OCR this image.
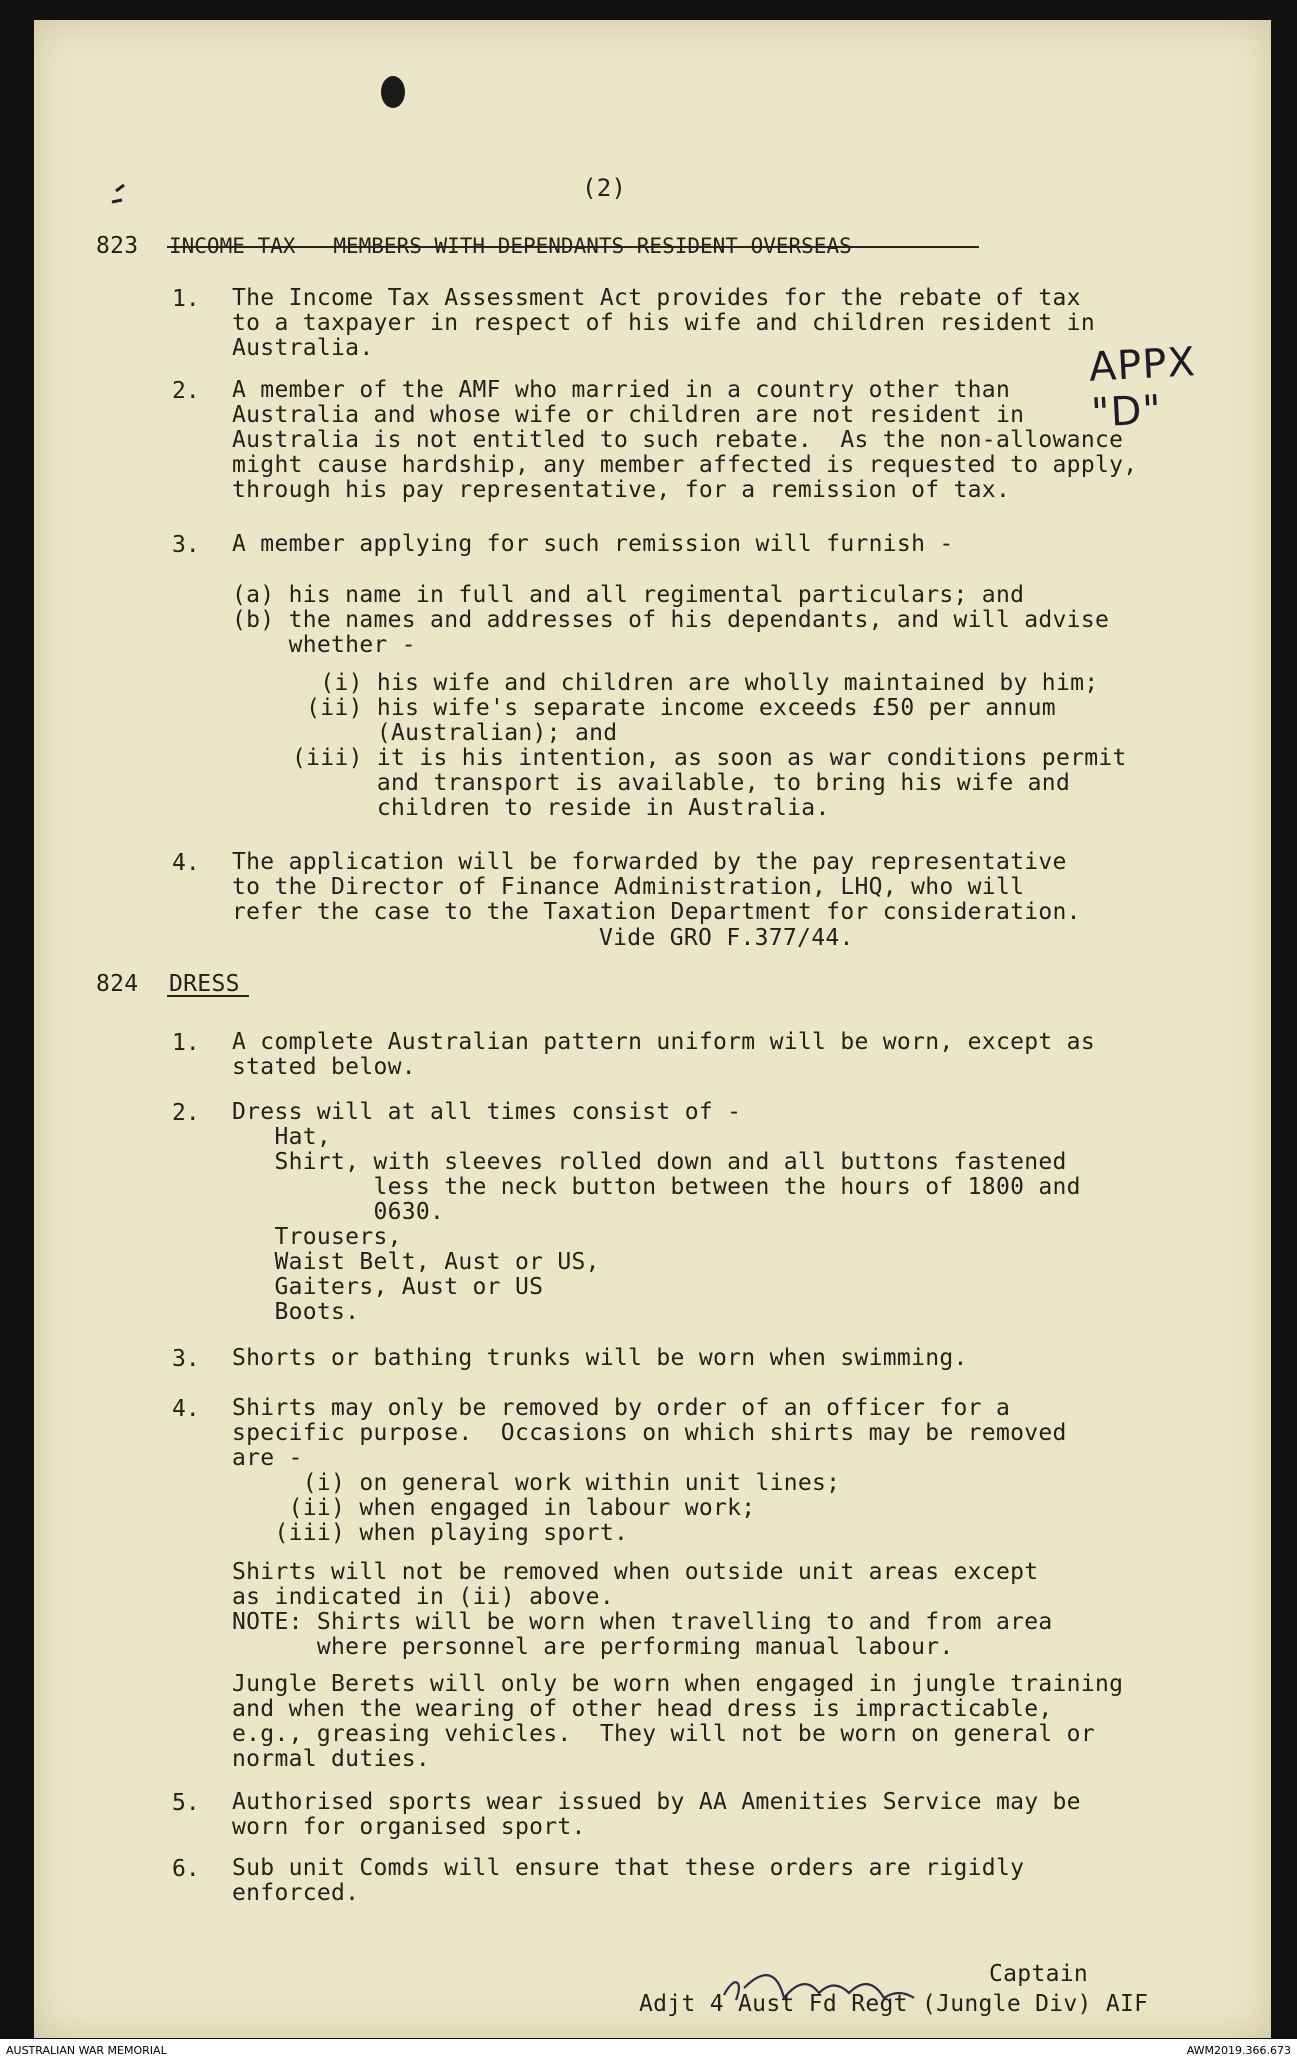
(2)
APPX "D"
823 INCOME TAX - MEMBERS WITH DEPENDANTS RESIDENT OVERSEAS
1. The Income Tax Assessment Act provides for the rebate of tax
to a taxpayer in respect of his wife and children resident in
Australia.
2. A member of the AMF who married in a country other than
Australia and whose wife or children are not resident in
Australia is not entitled to such rebate.  As the non-allowance
might cause hardship, any member affected is requested to apply,
through his pay representative, for a remission of tax.
3. A member applying for such remission will furnish -
(a) his name in full and all regimental particulars; and
(b) the names and addresses of his dependants, and will advise
whether -
(i) his wife and children are wholly maintained by him;
(ii) his wife's separate income exceeds £50 per annum
(Australian); and
(iii) it is his intention, as soon as war conditions permit
and transport is available, to bring his wife and
children to reside in Australia.
4. The application will be forwarded by the pay representative
to the Director of Finance Administration, LHQ, who will
refer the case to the Taxation Department for consideration.
Vide GRO F.377/44.
824 DRESS
1. A complete Australian pattern uniform will be worn, except as
stated below.
2. Dress will at all times consist of -
Hat,
Shirt, with sleeves rolled down and all buttons fastened
less the neck button between the hours of 1800 and
0630.
Trousers,
Waist Belt, Aust or US,
Gaiters, Aust or US
Boots.
3. Shorts or bathing trunks will be worn when swimming.
4. Shirts may only be removed by order of an officer for a
specific purpose.  Occasions on which shirts may be removed
are -
(i) on general work within unit lines;
(ii) when engaged in labour work;
(iii) when playing sport.
Shirts will not be removed when outside unit areas except
as indicated in (ii) above.
NOTE: Shirts will be worn when travelling to and from area
where personnel are performing manual labour.
Jungle Berets will only be worn when engaged in jungle training
and when the wearing of other head dress is impracticable,
e.g., greasing vehicles.  They will not be worn on general or
normal duties.
5. Authorised sports wear issued by AA Amenities Service may be
worn for organised sport.
6. Sub unit Comds will ensure that these orders are rigidly
enforced.
Captain
Adjt 4 Aust Fd Regt (Jungle Div) AIF
AUSTRALIAN WAR MEMORIAL	AWM2019.366.673
